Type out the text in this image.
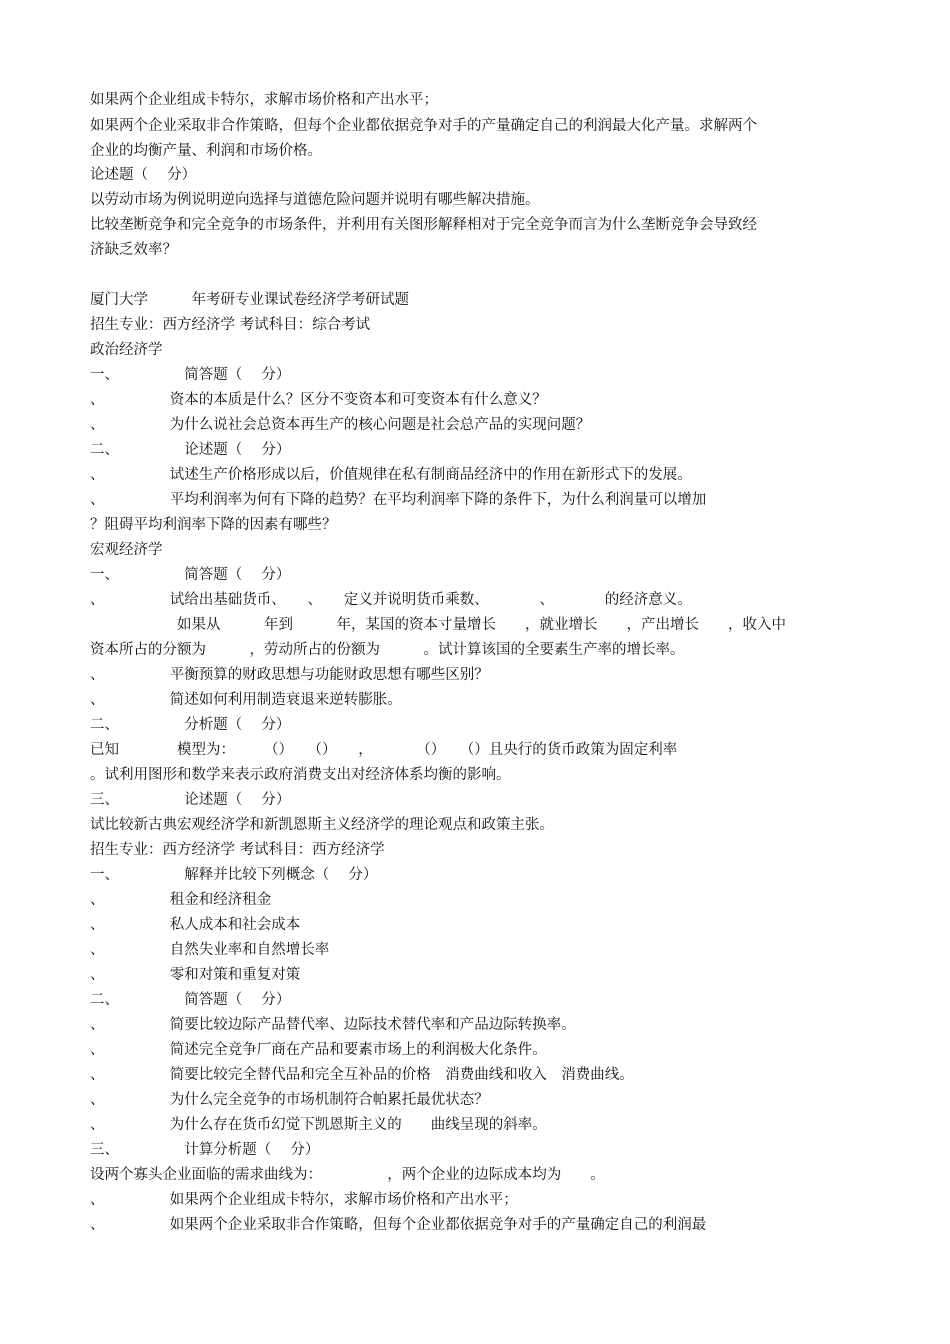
如果两个企业组成卡特尔，求解市场价格和产出水平；
如果两个企业采取非合作策略，但每个企业都依据竞争对手的产量确定自己的利润最大化产量。求解两个
企业的均衡产量、利润和市场价格。
论述题（　 分）
以劳动市场为例说明逆向选择与道德危险问题并说明有哪些解决措施。
比较垄断竞争和完全竞争的市场条件，并利用有关图形解释相对于完全竞争而言为什么垄断竞争会导致经
济缺乏效率？
厦门大学　　　年考研专业课试卷经济学考研试题
招生专业：西方经济学 考试科目：综合考试
政治经济学
一、　　　　　简答题（　 分）
、　　　　　资本的本质是什么？区分不变资本和可变资本有什么意义？
、　　　　　为什么说社会总资本再生产的核心问题是社会总产品的实现问题？
二、　　　　　论述题（　 分）
、　　　　　试述生产价格形成以后，价值规律在私有制商品经济中的作用在新形式下的发展。
、　　　　　平均利润率为何有下降的趋势？在平均利润率下降的条件下，为什么利润量可以增加
？阻碍平均利润率下降的因素有哪些？
宏观经济学
一、　　　　　简答题（　 分）
、　　　　　试给出基础货币、　　、　　定义并说明货币乘数、　　　　、　　　　的经济意义。
　　　　　　如果从　　　年到　　　年，某国的资本寸量增长　　，就业增长　　，产出增长　　，收入中
资本所占的分额为　　　，劳动所占的份额为　　　。试计算该国的全要素生产率的增长率。
、　　　　　平衡预算的财政思想与功能财政思想有哪些区别？
、　　　　　简述如何利用制造衰退来逆转膨胀。
二、　　　　　分析题（　 分）
已知　　　　模型为：　　　（）　　（）　　，　　　　（）　　（）且央行的货币政策为固定利率
。试利用图形和数学来表示政府消费支出对经济体系均衡的影响。
三、　　　　　论述题（　 分）
试比较新古典宏观经济学和新凯恩斯主义经济学的理论观点和政策主张。
招生专业：西方经济学 考试科目：西方经济学
一、　　　　　解释并比较下列概念（　 分）
、　　　　　租金和经济租金
、　　　　　私人成本和社会成本
、　　　　　自然失业率和自然增长率
、　　　　　零和对策和重复对策
二、　　　　　简答题（　 分）
、　　　　　简要比较边际产品替代率、边际技术替代率和产品边际转换率。
、　　　　　简述完全竞争厂商在产品和要素市场上的利润极大化条件。
、　　　　　简要比较完全替代品和完全互补品的价格　消费曲线和收入　消费曲线。
、　　　　　为什么完全竞争的市场机制符合帕累托最优状态？
、　　　　　为什么存在货币幻觉下凯恩斯主义的　　曲线呈现的斜率。
三、　　　　　计算分析题（　 分）
设两个寡头企业面临的需求曲线为：　　　　　，两个企业的边际成本均为　　。
、　　　　　如果两个企业组成卡特尔，求解市场价格和产出水平；
、　　　　　如果两个企业采取非合作策略，但每个企业都依据竞争对手的产量确定自己的利润最
